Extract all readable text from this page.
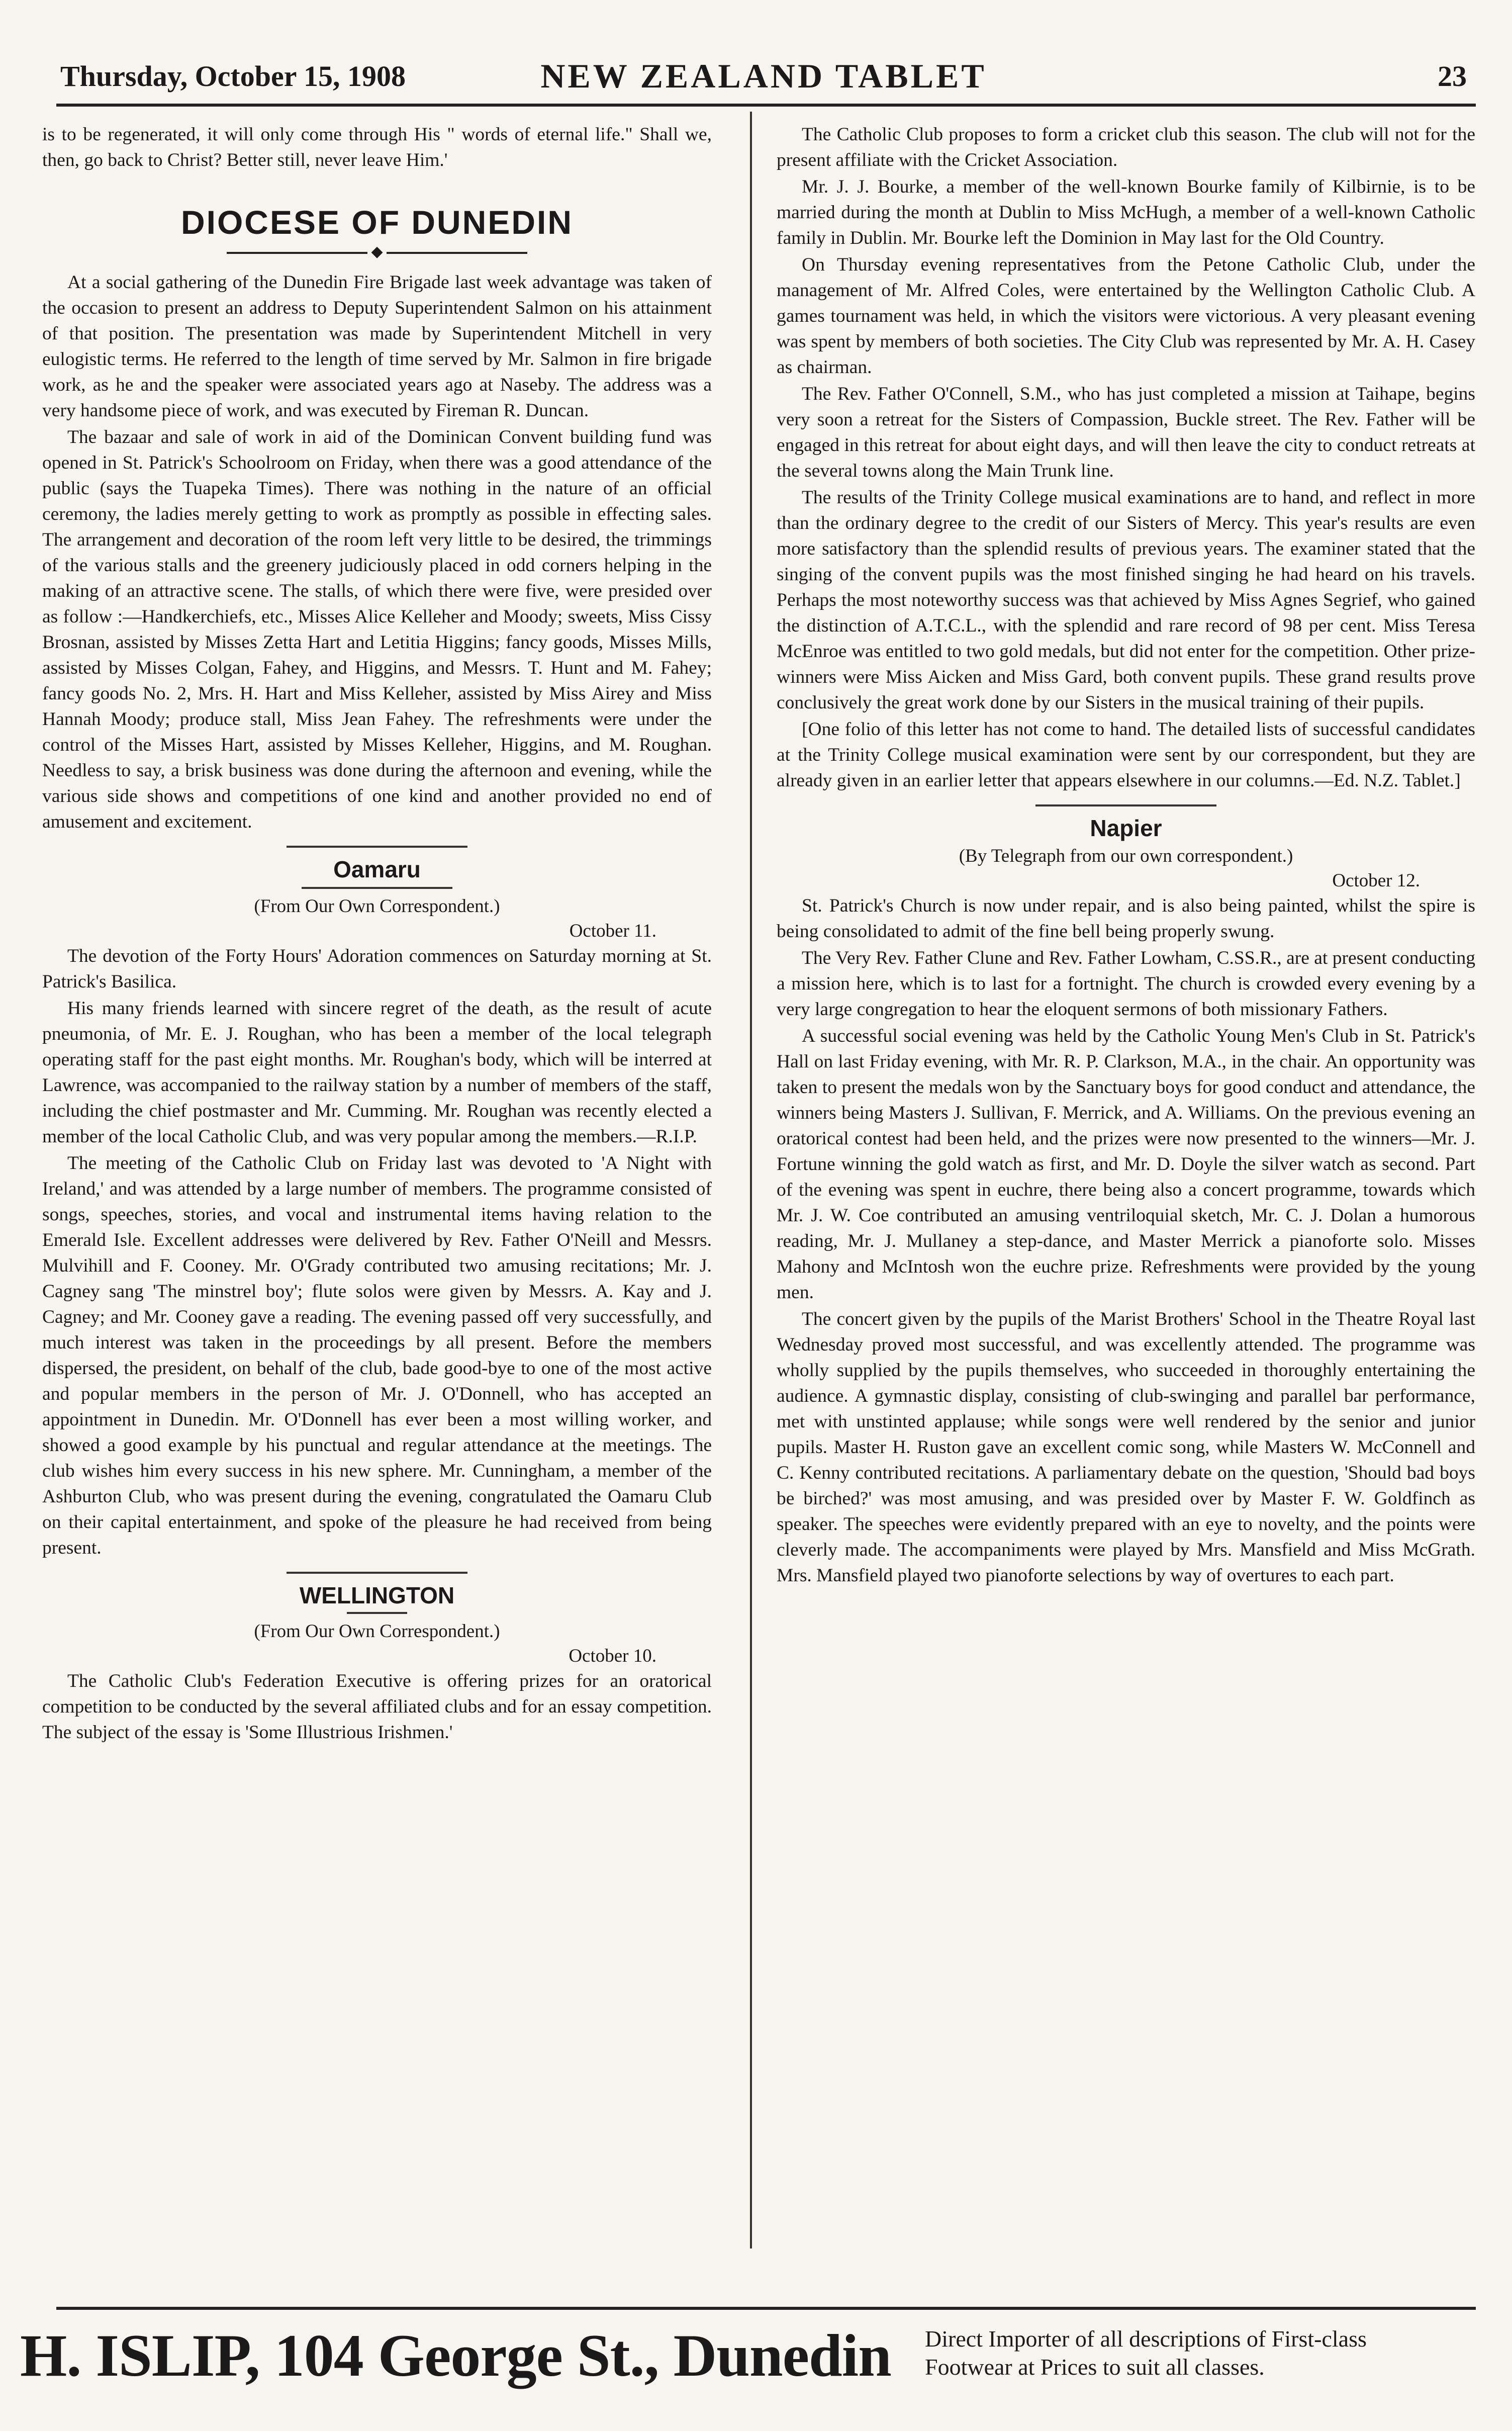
Thursday, October 15, 1908	NEW ZEALAND TABLET	23

is to be regenerated, it will only come through His " words of eternal life." Shall we, then, go back to Christ? Better still, never leave Him.'

DIOCESE OF DUNEDIN
◆

At a social gathering of the Dunedin Fire Brigade last week advantage was taken of the occasion to present an address to Deputy Superintendent Salmon on his attainment of that position. The presentation was made by Superintendent Mitchell in very eulogistic terms. He referred to the length of time served by Mr. Salmon in fire brigade work, as he and the speaker were associated years ago at Naseby. The address was a very handsome piece of work, and was executed by Fireman R. Duncan.

The bazaar and sale of work in aid of the Dominican Convent building fund was opened in St. Patrick's Schoolroom on Friday, when there was a good attendance of the public (says the Tuapeka Times). There was nothing in the nature of an official ceremony, the ladies merely getting to work as promptly as possible in effecting sales. The arrangement and decoration of the room left very little to be desired, the trimmings of the various stalls and the greenery judiciously placed in odd corners helping in the making of an attractive scene. The stalls, of which there were five, were presided over as follow :—Handkerchiefs, etc., Misses Alice Kelleher and Moody; sweets, Miss Cissy Brosnan, assisted by Misses Zetta Hart and Letitia Higgins; fancy goods, Misses Mills, assisted by Misses Colgan, Fahey, and Higgins, and Messrs. T. Hunt and M. Fahey; fancy goods No. 2, Mrs. H. Hart and Miss Kelleher, assisted by Miss Airey and Miss Hannah Moody; produce stall, Miss Jean Fahey. The refreshments were under the control of the Misses Hart, assisted by Misses Kelleher, Higgins, and M. Roughan. Needless to say, a brisk business was done during the afternoon and evening, while the various side shows and competitions of one kind and another provided no end of amusement and excitement.

Oamaru
(From Our Own Correspondent.)
October 11.

The devotion of the Forty Hours' Adoration commences on Saturday morning at St. Patrick's Basilica.

His many friends learned with sincere regret of the death, as the result of acute pneumonia, of Mr. E. J. Roughan, who has been a member of the local telegraph operating staff for the past eight months. Mr. Roughan's body, which will be interred at Lawrence, was accompanied to the railway station by a number of members of the staff, including the chief postmaster and Mr. Cumming. Mr. Roughan was recently elected a member of the local Catholic Club, and was very popular among the members.—R.I.P.

The meeting of the Catholic Club on Friday last was devoted to 'A Night with Ireland,' and was attended by a large number of members. The programme consisted of songs, speeches, stories, and vocal and instrumental items having relation to the Emerald Isle. Excellent addresses were delivered by Rev. Father O'Neill and Messrs. Mulvihill and F. Cooney. Mr. O'Grady contributed two amusing recitations; Mr. J. Cagney sang 'The minstrel boy'; flute solos were given by Messrs. A. Kay and J. Cagney; and Mr. Cooney gave a reading. The evening passed off very successfully, and much interest was taken in the proceedings by all present. Before the members dispersed, the president, on behalf of the club, bade good-bye to one of the most active and popular members in the person of Mr. J. O'Donnell, who has accepted an appointment in Dunedin. Mr. O'Donnell has ever been a most willing worker, and showed a good example by his punctual and regular attendance at the meetings. The club wishes him every success in his new sphere. Mr. Cunningham, a member of the Ashburton Club, who was present during the evening, congratulated the Oamaru Club on their capital entertainment, and spoke of the pleasure he had received from being present.

WELLINGTON
(From Our Own Correspondent.)
October 10.

The Catholic Club's Federation Executive is offering prizes for an oratorical competition to be conducted by the several affiliated clubs and for an essay competition. The subject of the essay is 'Some Illustrious Irishmen.'

The Catholic Club proposes to form a cricket club this season. The club will not for the present affiliate with the Cricket Association.

Mr. J. J. Bourke, a member of the well-known Bourke family of Kilbirnie, is to be married during the month at Dublin to Miss McHugh, a member of a well-known Catholic family in Dublin. Mr. Bourke left the Dominion in May last for the Old Country.

On Thursday evening representatives from the Petone Catholic Club, under the management of Mr. Alfred Coles, were entertained by the Wellington Catholic Club. A games tournament was held, in which the visitors were victorious. A very pleasant evening was spent by members of both societies. The City Club was represented by Mr. A. H. Casey as chairman.

The Rev. Father O'Connell, S.M., who has just completed a mission at Taihape, begins very soon a retreat for the Sisters of Compassion, Buckle street. The Rev. Father will be engaged in this retreat for about eight days, and will then leave the city to conduct retreats at the several towns along the Main Trunk line.

The results of the Trinity College musical examinations are to hand, and reflect in more than the ordinary degree to the credit of our Sisters of Mercy. This year's results are even more satisfactory than the splendid results of previous years. The examiner stated that the singing of the convent pupils was the most finished singing he had heard on his travels. Perhaps the most noteworthy success was that achieved by Miss Agnes Segrief, who gained the distinction of A.T.C.L., with the splendid and rare record of 98 per cent. Miss Teresa McEnroe was entitled to two gold medals, but did not enter for the competition. Other prize-winners were Miss Aicken and Miss Gard, both convent pupils. These grand results prove conclusively the great work done by our Sisters in the musical training of their pupils.

[One folio of this letter has not come to hand. The detailed lists of successful candidates at the Trinity College musical examination were sent by our correspondent, but they are already given in an earlier letter that appears elsewhere in our columns.—Ed. N.Z. Tablet.]

Napier
(By Telegraph from our own correspondent.)
October 12.

St. Patrick's Church is now under repair, and is also being painted, whilst the spire is being consolidated to admit of the fine bell being properly swung.

The Very Rev. Father Clune and Rev. Father Lowham, C.SS.R., are at present conducting a mission here, which is to last for a fortnight. The church is crowded every evening by a very large congregation to hear the eloquent sermons of both missionary Fathers.

A successful social evening was held by the Catholic Young Men's Club in St. Patrick's Hall on last Friday evening, with Mr. R. P. Clarkson, M.A., in the chair. An opportunity was taken to present the medals won by the Sanctuary boys for good conduct and attendance, the winners being Masters J. Sullivan, F. Merrick, and A. Williams. On the previous evening an oratorical contest had been held, and the prizes were now presented to the winners—Mr. J. Fortune winning the gold watch as first, and Mr. D. Doyle the silver watch as second. Part of the evening was spent in euchre, there being also a concert programme, towards which Mr. J. W. Coe contributed an amusing ventriloquial sketch, Mr. C. J. Dolan a humorous reading, Mr. J. Mullaney a step-dance, and Master Merrick a pianoforte solo. Misses Mahony and McIntosh won the euchre prize. Refreshments were provided by the young men.

The concert given by the pupils of the Marist Brothers' School in the Theatre Royal last Wednesday proved most successful, and was excellently attended. The programme was wholly supplied by the pupils themselves, who succeeded in thoroughly entertaining the audience. A gymnastic display, consisting of club-swinging and parallel bar performance, met with unstinted applause; while songs were well rendered by the senior and junior pupils. Master H. Ruston gave an excellent comic song, while Masters W. McConnell and C. Kenny contributed recitations. A parliamentary debate on the question, 'Should bad boys be birched?' was most amusing, and was presided over by Master F. W. Goldfinch as speaker. The speeches were evidently prepared with an eye to novelty, and the points were cleverly made. The accompaniments were played by Mrs. Mansfield and Miss McGrath. Mrs. Mansfield played two pianoforte selections by way of overtures to each part.

H. ISLIP, 104 George St., Dunedin Direct Importer of all descriptions of First-class
Footwear at Prices to suit all classes.
